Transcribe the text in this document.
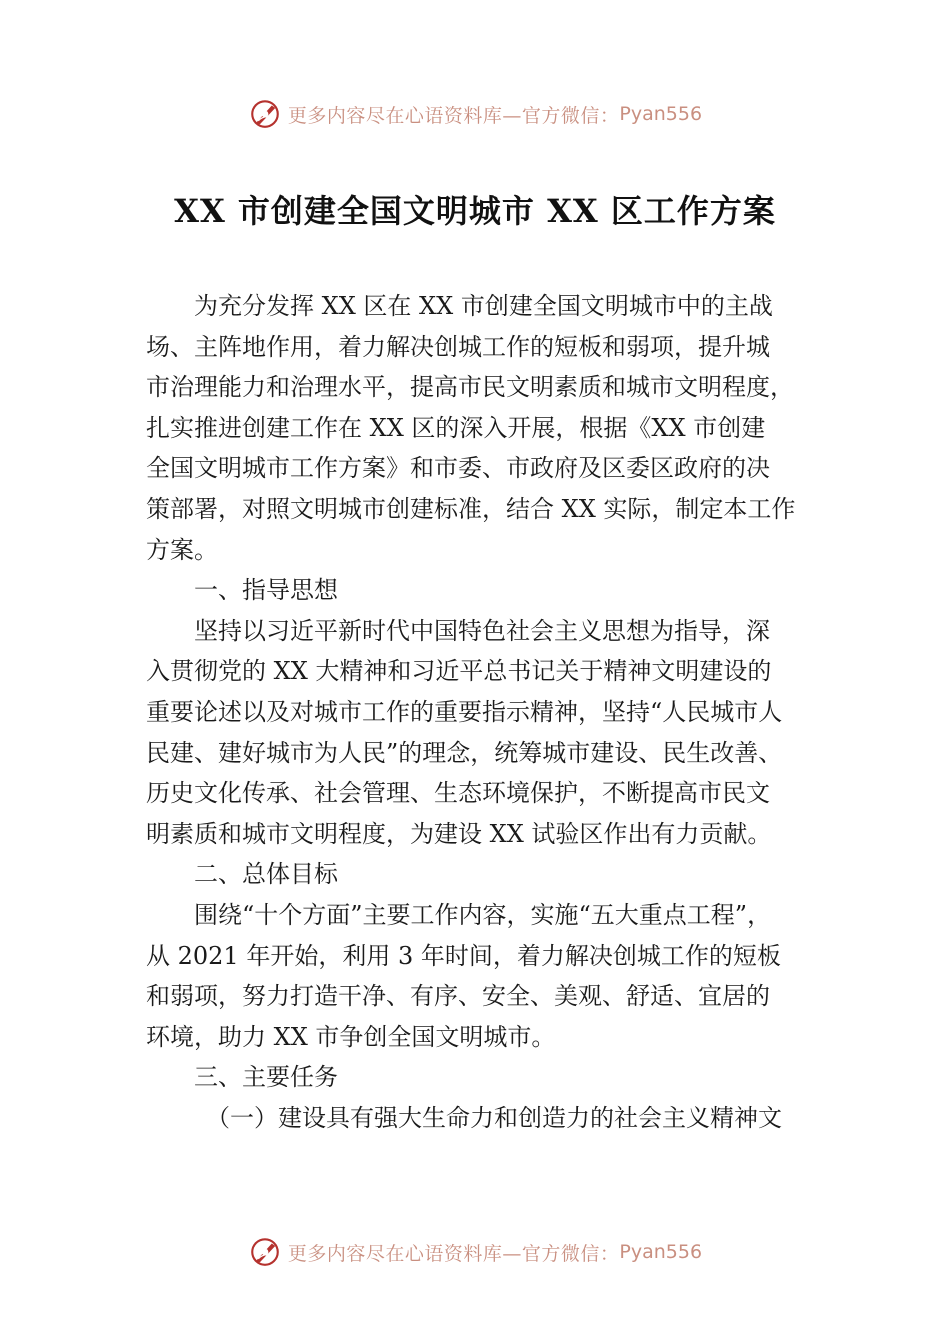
更多内容尽在心语资料库—官方微信： Pyan556
XX 市创建全国文明城市 XX 区工作方案
为充分发挥 XX 区在 XX 市创建全国文明城市中的主战
场、主阵地作用，着力解决创城工作的短板和弱项，提升城
市治理能力和治理水平，提高市民文明素质和城市文明程度，
扎实推进创建工作在 XX 区的深入开展，根据《XX 市创建
全国文明城市工作方案》和市委、市政府及区委区政府的决
策部署，对照文明城市创建标准，结合 XX 实际，制定本工作
方案。
一、指导思想
坚持以习近平新时代中国特色社会主义思想为指导，深
入贯彻党的 XX 大精神和习近平总书记关于精神文明建设的
重要论述以及对城市工作的重要指示精神，坚持“人民城市人
民建、建好城市为人民”的理念，统筹城市建设、民生改善、
历史文化传承、社会管理、生态环境保护，不断提高市民文
明素质和城市文明程度，为建设 XX 试验区作出有力贡献。
二、总体目标
围绕“十个方面”主要工作内容，实施“五大重点工程”，
从 2021 年开始，利用 3 年时间，着力解决创城工作的短板
和弱项，努力打造干净、有序、安全、美观、舒适、宜居的
环境，助力 XX 市争创全国文明城市。
三、主要任务
（一）建设具有强大生命力和创造力的社会主义精神文
更多内容尽在心语资料库—官方微信： Pyan556
